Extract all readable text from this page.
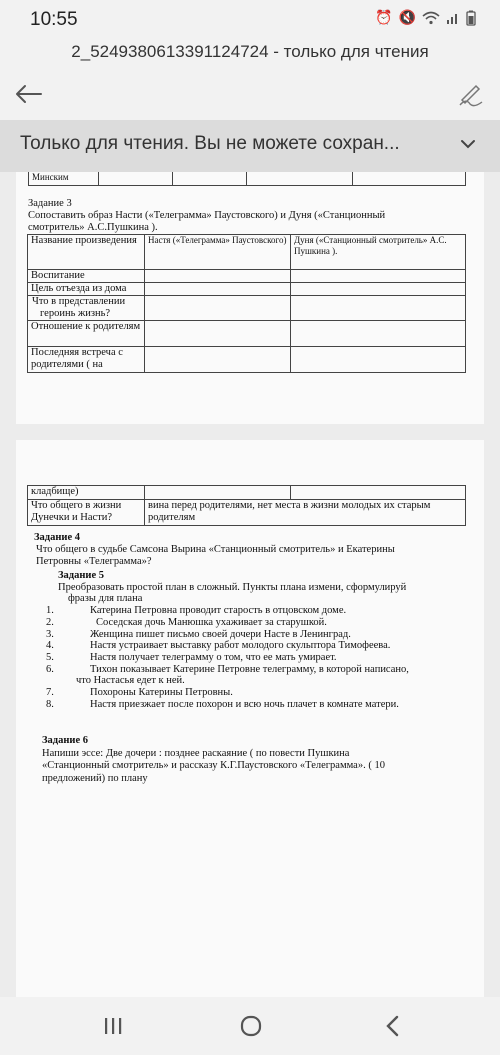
10:55	⏰ 🔇
2_5249380613391124724 - только для чтения
Только для чтения. Вы не можете сохран...
Минским				
Задание 3
Сопоставить образ Насти («Телеграмма» Паустовского) и Дуня («Станционный
смотритель» А.С.Пушкина ).
Название произведения	Настя («Телеграмма» Паустовского)	Дуня («Станционный смотритель» А.С. Пушкина ).
Воспитание		
Цель отъезда из дома		
Что в представлении героинь жизнь?		
Отношение к родителям		
Последняя встреча с родителями ( на		
кладбище)		
Что общего в жизни Дунечки и Насти?	вина перед родителями, нет места в жизни молодых их старым родителям	
Задание 4
Что общего в судьбе Самсона Вырина «Станционный смотритель» и Екатерины
Петровны «Телеграмма»?
Задание 5
Преобразовать простой план в сложный. Пункты плана измени, сформулируй
фразы для плана
1.	Катерина Петровна проводит старость в отцовском доме.
2.	Соседская дочь Манюшка ухаживает за старушкой.
3.	Женщина пишет письмо своей дочери Насте в Ленинград.
4.	Настя устраивает выставку работ молодого скульптора Тимофеева.
5.	Настя получает телеграмму о том, что ее мать умирает.
6.	Тихон показывает Катерине Петровне телеграмму, в которой написано,
что Настасья едет к ней.
7.	Похороны Катерины Петровны.
8.	Настя приезжает после похорон и всю ночь плачет в комнате матери.
Задание 6
Напиши эссе: Две дочери : позднее раскаяние ( по повести Пушкина
«Станционный смотритель» и рассказу К.Г.Паустовского «Телеграмма». ( 10
предложений) по плану
